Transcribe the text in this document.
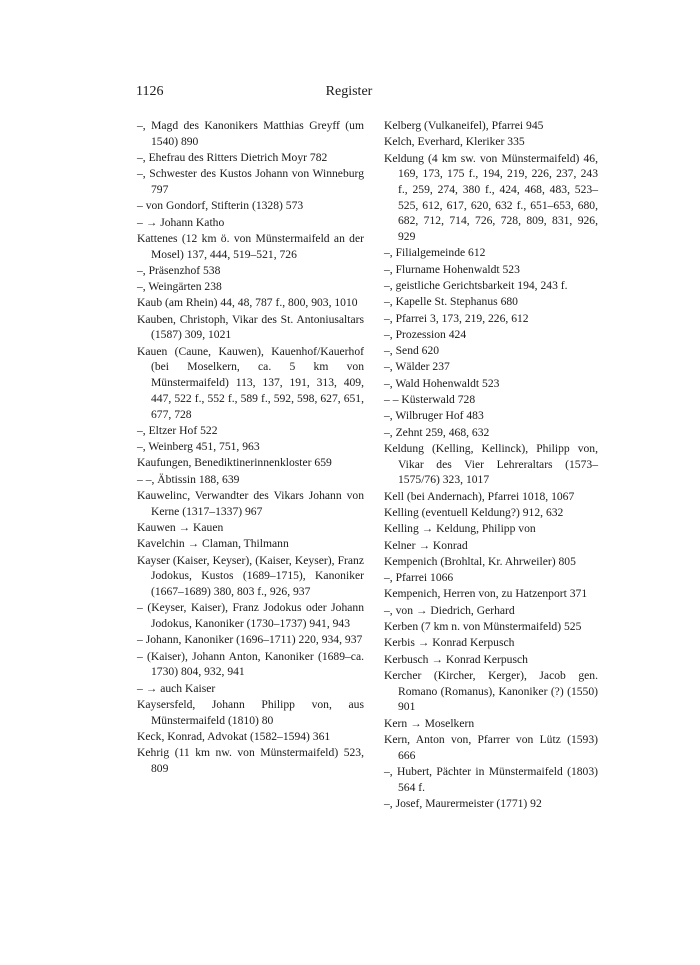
1126	Register

–, Magd des Kanonikers Matthias Greyff (um 1540) 890

–, Ehefrau des Ritters Dietrich Moyr 782

–, Schwester des Kustos Johann von Winneburg 797

– von Gondorf, Stifterin (1328) 573

– → Johann Katho

Kattenes (12 km ö. von Münstermaifeld an der Mosel) 137, 444, 519–521, 726

–, Präsenzhof 538

–, Weingärten 238

Kaub (am Rhein) 44, 48, 787 f., 800, 903, 1010

Kauben, Christoph, Vikar des St. Antoniusaltars (1587) 309, 1021

Kauen (Caune, Kauwen), Kauenhof/Kauerhof (bei Moselkern, ca. 5 km von Münstermaifeld) 113, 137, 191, 313, 409, 447, 522 f., 552 f., 589 f., 592, 598, 627, 651, 677, 728

–, Eltzer Hof 522

–, Weinberg 451, 751, 963

Kaufungen, Benediktinerinnenkloster 659

– –, Äbtissin 188, 639

Kauwelinc, Verwandter des Vikars Johann von Kerne (1317–1337) 967

Kauwen → Kauen

Kavelchin → Claman, Thilmann

Kayser (Kaiser, Keyser), (Kaiser, Keyser), Franz Jodokus, Kustos (1689–1715), Kanoniker (1667–1689) 380, 803 f., 926, 937

– (Keyser, Kaiser), Franz Jodokus oder Johann Jodokus, Kanoniker (1730–1737) 941, 943

– Johann, Kanoniker (1696–1711) 220, 934, 937

– (Kaiser), Johann Anton, Kanoniker (1689–ca. 1730) 804, 932, 941

– → auch Kaiser

Kaysersfeld, Johann Philipp von, aus Münstermaifeld (1810) 80

Keck, Konrad, Advokat (1582–1594) 361

Kehrig (11 km nw. von Münstermaifeld) 523, 809

Kelberg (Vulkaneifel), Pfarrei 945

Kelch, Everhard, Kleriker 335

Keldung (4 km sw. von Münstermaifeld) 46, 169, 173, 175 f., 194, 219, 226, 237, 243 f., 259, 274, 380 f., 424, 468, 483, 523–525, 612, 617, 620, 632 f., 651–653, 680, 682, 712, 714, 726, 728, 809, 831, 926, 929

–, Filialgemeinde 612

–, Flurname Hohenwaldt 523

–, geistliche Gerichtsbarkeit 194, 243 f.

–, Kapelle St. Stephanus 680

–, Pfarrei 3, 173, 219, 226, 612

–, Prozession 424

–, Send 620

–, Wälder 237

–, Wald Hohenwaldt 523

– – Küsterwald 728

–, Wilbruger Hof 483

–, Zehnt 259, 468, 632

Keldung (Kelling, Kellinck), Philipp von, Vikar des Vier Lehreraltars (1573–1575/76) 323, 1017

Kell (bei Andernach), Pfarrei 1018, 1067

Kelling (eventuell Keldung?) 912, 632

Kelling → Keldung, Philipp von

Kelner → Konrad

Kempenich (Brohltal, Kr. Ahrweiler) 805

–, Pfarrei 1066

Kempenich, Herren von, zu Hatzenport 371

–, von → Diedrich, Gerhard

Kerben (7 km n. von Münstermaifeld) 525

Kerbis → Konrad Kerpusch

Kerbusch → Konrad Kerpusch

Kercher (Kircher, Kerger), Jacob gen. Romano (Romanus), Kanoniker (?) (1550) 901

Kern → Moselkern

Kern, Anton von, Pfarrer von Lütz (1593) 666

–, Hubert, Pächter in Münstermaifeld (1803) 564 f.

–, Josef, Maurermeister (1771) 92
